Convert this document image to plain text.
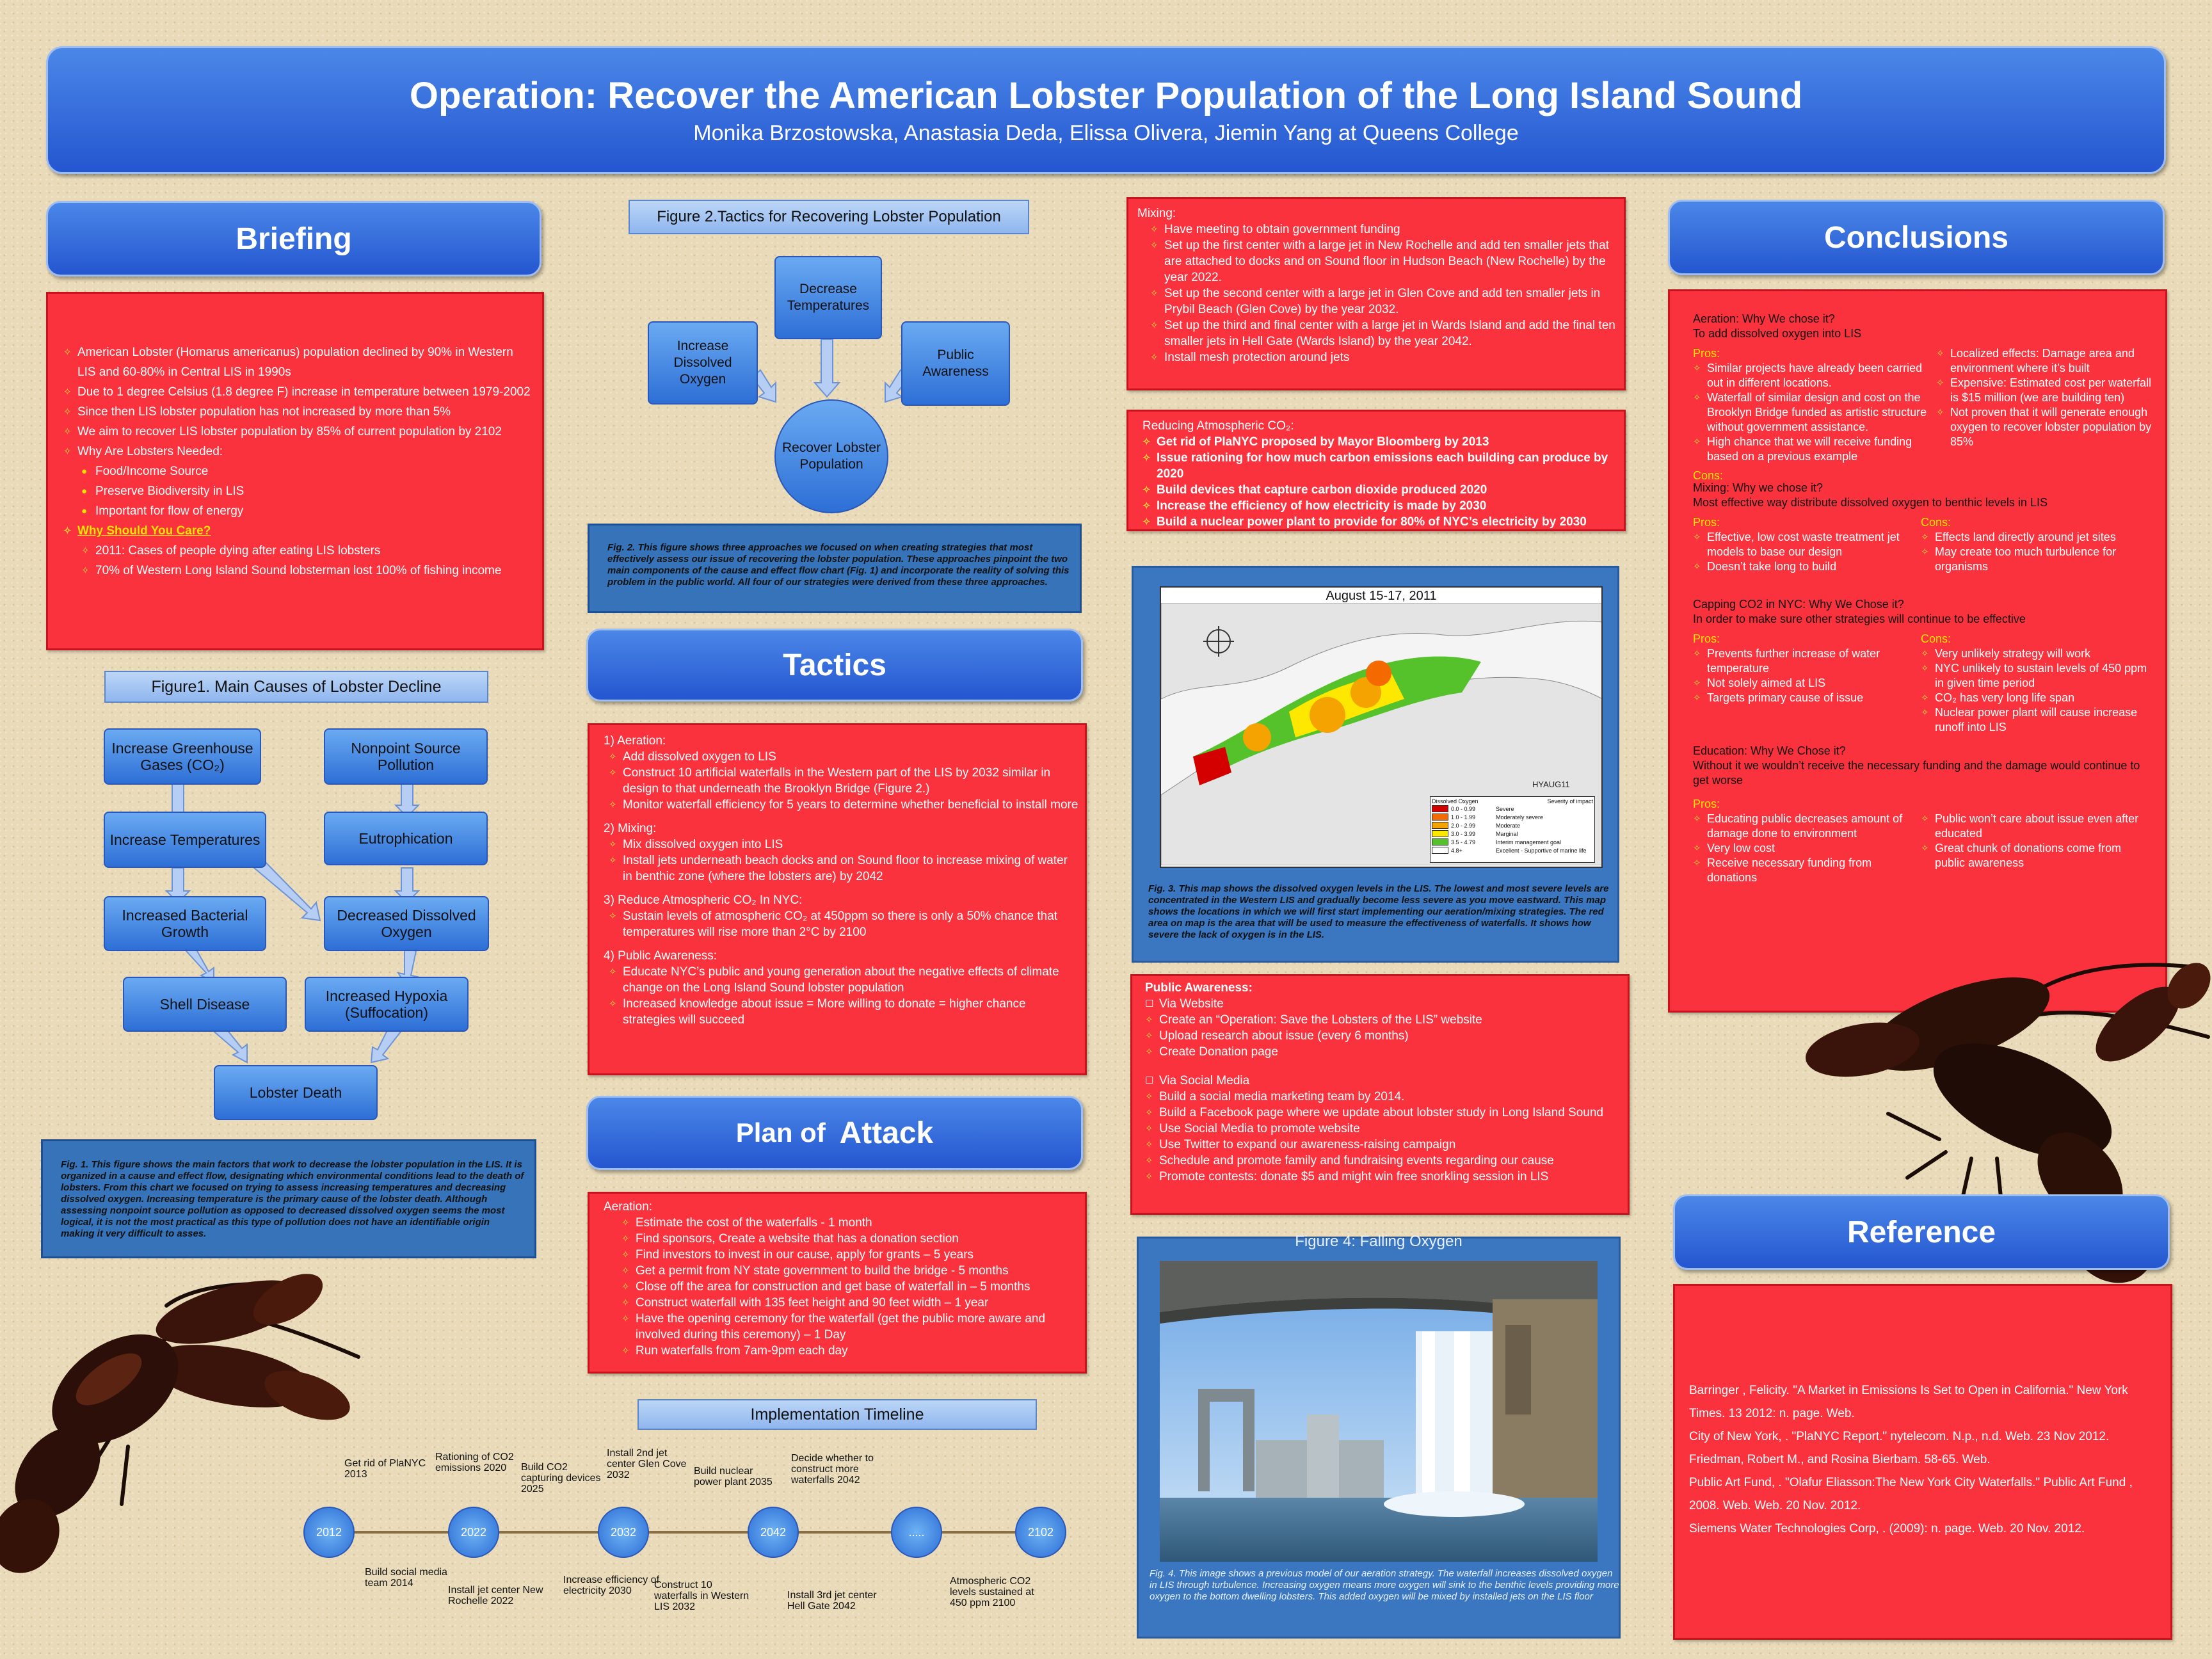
Operation: Recover the American Lobster Population of the Long Island Sound
Monika Brzostowska, Anastasia Deda, Elissa Olivera, Jiemin Yang at Queens College
Briefing
✧ American Lobster (Homarus americanus) population declined by 90% in Western LIS and 60-80% in Central LIS in 1990s
✧ Due to 1 degree Celsius (1.8 degree F) increase in temperature between 1979-2002
✧ Since then LIS lobster population has not increased by more than 5%
✧ We aim to recover LIS lobster population by 85% of current population by 2102
✧ Why Are Lobsters Needed:
● Food/Income Source
● Preserve Biodiversity in LIS
● Important for flow of energy
✧ Why Should You Care?
✧ 2011: Cases of people dying after eating LIS lobsters
✧ 70% of Western Long Island Sound lobsterman lost 100% of fishing income
Figure1. Main Causes of Lobster Decline
Increase Greenhouse Gases (CO₂)
Nonpoint Source Pollution
Increase Temperatures	Eutrophication
Increased Bacterial Growth
Decreased Dissolved Oxygen
Shell Disease	Increased Hypoxia (Suffocation)
Lobster Death
Fig. 1. This figure shows the main factors that work to decrease the lobster population in the LIS. It is organized in a cause and effect flow, designating which environmental conditions lead to the death of lobsters. From this chart we focused on trying to assess increasing temperatures and decreasing dissolved oxygen. Increasing temperature is the primary cause of the lobster death. Although assessing nonpoint source pollution as opposed to decreased dissolved oxygen seems the most logical, it is not the most practical as this type of pollution does not have an identifiable origin making it very difficult to asses.
Figure 2.Tactics for Recovering Lobster Population
Decrease Temperatures
Increase Dissolved Oxygen
Public Awareness
Recover Lobster Population
Fig. 2. This figure shows three approaches we focused on when creating strategies that most effectively assess our issue of recovering the lobster population. These approaches pinpoint the two main components of the cause and effect flow chart (Fig. 1) and incorporate the reality of solving this problem in the public world. All four of our strategies were derived from these three approaches.
Tactics
1) Aeration:
✧ Add dissolved oxygen to LIS
✧ Construct 10 artificial waterfalls in the Western part of the LIS by 2032 similar in design to that underneath the Brooklyn Bridge (Figure 2.)
✧ Monitor waterfall efficiency for 5 years to determine whether beneficial to install more
2) Mixing:
✧ Mix dissolved oxygen into LIS
✧ Install jets underneath beach docks and on Sound floor to increase mixing of water in benthic zone (where the lobsters are) by 2042
3) Reduce Atmospheric CO₂ In NYC:
✧ Sustain levels of atmospheric CO₂ at 450ppm so there is only a 50% chance that temperatures will rise more than 2°C by 2100
4) Public Awareness:
✧ Educate NYC’s public and young generation about the negative effects of climate change on the Long Island Sound lobster population
✧ Increased knowledge about issue = More willing to donate = higher chance strategies will succeed
Plan of Attack
Aeration:
✧ Estimate the cost of the waterfalls - 1 month
✧ Find sponsors, Create a website that has a donation section
✧ Find investors to invest in our cause, apply for grants – 5 years
✧ Get a permit from NY state government to build the bridge - 5 months
✧ Close off the area for construction and get base of waterfall in – 5 months
✧ Construct waterfall with 135 feet height and 90 feet width – 1 year
✧ Have the opening ceremony for the waterfall (get the public more aware and involved during this ceremony) – 1 Day
✧ Run waterfalls from 7am-9pm each day
Implementation Timeline
2012	2022	2032	2042	.....	2102
Get rid of PlaNYC 2013
Rationing of CO2 emissions 2020	Build CO2 capturing devices 2025
Install 2nd jet center Glen Cove 2032	Build nuclear power plant 2035
Decide whether to construct more waterfalls 2042
Build social media team 2014
Install jet center New Rochelle 2022
Increase efficiency of electricity 2030
Construct 10 waterfalls in Western LIS 2032
Install 3rd jet center Hell Gate 2042
Atmospheric CO2 levels sustained at 450 ppm 2100
Mixing:
✧ Have meeting to obtain government funding
✧ Set up the first center with a large jet in New Rochelle and add ten smaller jets that are attached to docks and on Sound floor in Hudson Beach (New Rochelle) by the year 2022.
✧ Set up the second center with a large jet in Glen Cove and add ten smaller jets in Prybil Beach (Glen Cove) by the year 2032.
✧ Set up the third and final center with a large jet in Wards Island and add the final ten smaller jets in Hell Gate (Wards Island) by the year 2042.
✧ Install mesh protection around jets
Reducing Atmospheric CO₂:
✧ Get rid of PlaNYC proposed by Mayor Bloomberg by 2013
✧ Issue rationing for how much carbon emissions each building can produce by 2020
✧ Build devices that capture carbon dioxide produced 2020
✧ Increase the efficiency of how electricity is made by 2030
✧ Build a nuclear power plant to provide for 80% of NYC’s electricity by 2030
August 15-17, 2011
HYAUG11
Dissolved Oxygen	Severity of impact
0.0 - 0.99	Severe
1.0 - 1.99	Moderately severe
2.0 - 2.99	Moderate
3.0 - 3.99	Marginal
3.5 - 4.79	Interim management goal
4.8+	Excellent - Supportive of marine life
Fig. 3. This map shows the dissolved oxygen levels in the LIS. The lowest and most severe levels are concentrated in the Western LIS and gradually become less severe as you move eastward. This map shows the locations in which we will first start implementing our aeration/mixing strategies. The red area on map is the area that will be used to measure the effectiveness of waterfalls. It shows how severe the lack of oxygen is in the LIS.
Public Awareness:
☐ Via Website
✧ Create an “Operation: Save the Lobsters of the LIS” website
✧ Upload research about issue (every 6 months)
✧ Create Donation page
☐ Via Social Media
✧ Build a social media marketing team by 2014.
✧ Build a Facebook page where we update about lobster study in Long Island Sound
✧ Use Social Media to promote website
✧ Use Twitter to expand our awareness-raising campaign
✧ Schedule and promote family and fundraising events regarding our cause
✧ Promote contests: donate $5 and might win free snorkling session in LIS
Figure 4: Falling Oxygen
Fig. 4. This image shows a previous model of our aeration strategy. The waterfall increases dissolved oxygen in LIS through turbulence. Increasing oxygen means more oxygen will sink to the benthic levels providing more oxygen to the bottom dwelling lobsters. This added oxygen will be mixed by installed jets on the LIS floor
Conclusions
Aeration: Why We chose it?
To add dissolved oxygen into LIS
Pros:
✧ Similar projects have already been carried out in different locations.
✧ Waterfall of similar design and cost on the Brooklyn Bridge funded as artistic structure without government assistance.
✧ High chance that we will receive funding based on a previous example
✧ Localized effects: Damage area and environment where it’s built
✧ Expensive: Estimated cost per waterfall is $15 million (we are building ten)
✧ Not proven that it will generate enough oxygen to recover lobster population by 85%
Cons:
Mixing: Why we chose it?
Most effective way distribute dissolved oxygen to benthic levels in LIS
Pros:
✧ Effective, low cost waste treatment jet models to base our design
✧ Doesn’t take long to build
Cons:
✧ Effects land directly around jet sites
✧ May create too much turbulence for organisms
Capping CO2 in NYC: Why We Chose it?
In order to make sure other strategies will continue to be effective
Pros:
✧ Prevents further increase of water temperature
✧ Not solely aimed at LIS
✧ Targets primary cause of issue
Cons:
✧ Very unlikely strategy will work
✧ NYC unlikely to sustain levels of 450 ppm in given time period
✧ CO₂ has very long life span
✧ Nuclear power plant will cause increase runoff into LIS
Education: Why We Chose it?
Without it we wouldn’t receive the necessary funding and the damage would continue to get worse
Pros:
✧ Educating public decreases amount of damage done to environment
✧ Very low cost
✧ Receive necessary funding from donations
✧ Public won’t care about issue even after educated
✧ Great chunk of donations come from public awareness
Reference
Barringer , Felicity. "A Market in Emissions Is Set to Open in California." New York Times. 13 2012: n. page. Web.
City of New York, . "PlaNYC Report." nytelecom. N.p., n.d. Web. 23 Nov 2012.
Friedman, Robert M., and Rosina Bierbam. 58-65. Web.
Public Art Fund, . "Olafur Eliasson:The New York City Waterfalls." Public Art Fund , 2008. Web. Web. 20 Nov. 2012.
Siemens Water Technologies Corp, . (2009): n. page. Web. 20 Nov. 2012.
